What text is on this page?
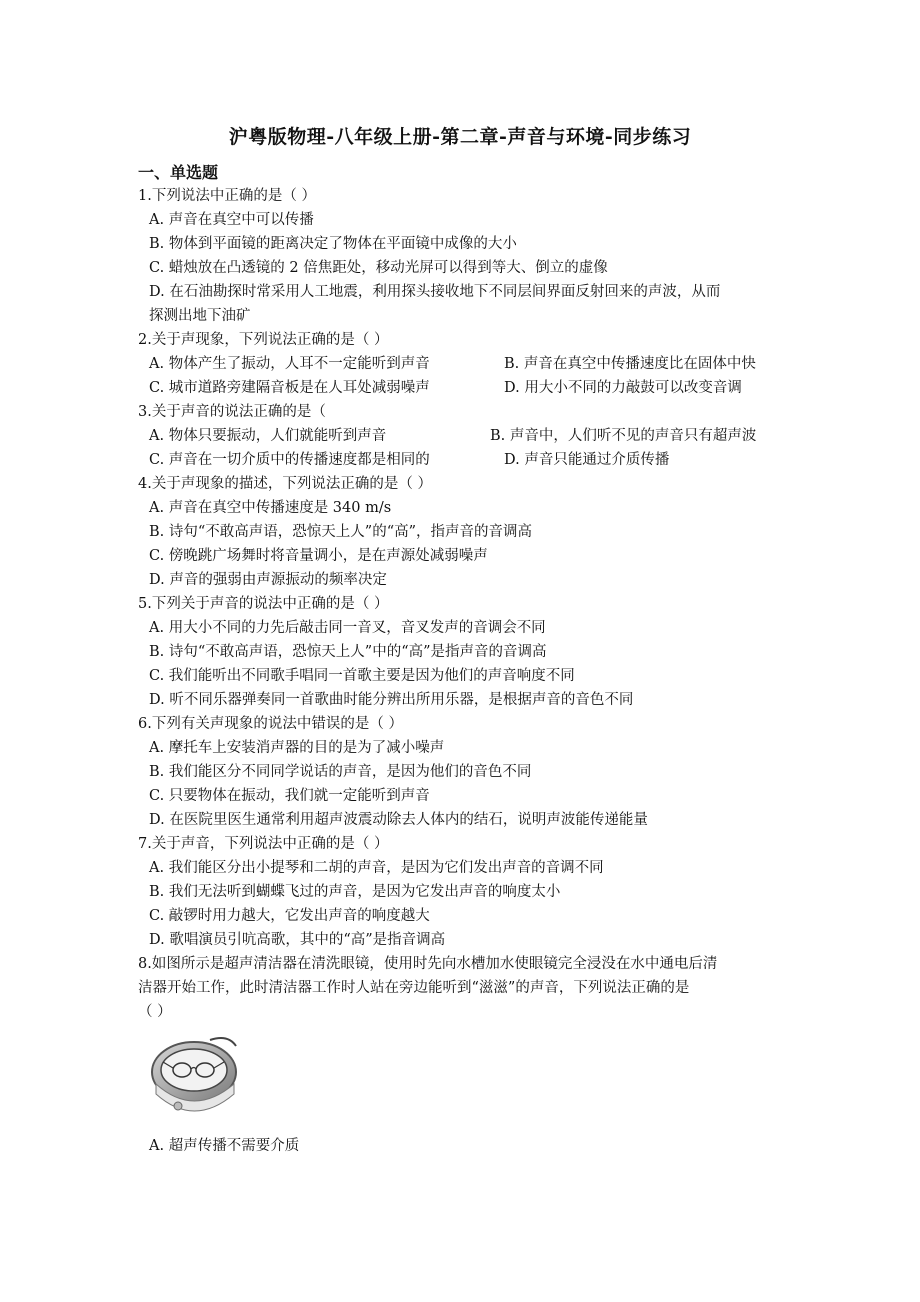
沪粤版物理-八年级上册-第二章-声音与环境-同步练习
一、单选题
1.下列说法中正确的是（ ）
A. 声音在真空中可以传播
B. 物体到平面镜的距离决定了物体在平面镜中成像的大小
C. 蜡烛放在凸透镜的 2 倍焦距处，移动光屏可以得到等大、倒立的虚像
D. 在石油勘探时常采用人工地震，利用探头接收地下不同层间界面反射回来的声波，从而
探测出地下油矿
2.关于声现象，下列说法正确的是（ ）
A. 物体产生了振动，人耳不一定能听到声音	B. 声音在真空中传播速度比在固体中快
C. 城市道路旁建隔音板是在人耳处减弱噪声	D. 用大小不同的力敲鼓可以改变音调
3.关于声音的说法正确的是（
A. 物体只要振动，人们就能听到声音	B. 声音中，人们听不见的声音只有超声波
C. 声音在一切介质中的传播速度都是相同的	D. 声音只能通过介质传播
4.关于声现象的描述，下列说法正确的是（ ）
A. 声音在真空中传播速度是 340 m/s
B. 诗句“不敢高声语，恐惊天上人”的“高”，指声音的音调高
C. 傍晚跳广场舞时将音量调小，是在声源处减弱噪声
D. 声音的强弱由声源振动的频率决定
5.下列关于声音的说法中正确的是（ ）
A. 用大小不同的力先后敲击同一音叉，音叉发声的音调会不同
B. 诗句“不敢高声语，恐惊天上人”中的“高”是指声音的音调高
C. 我们能听出不同歌手唱同一首歌主要是因为他们的声音响度不同
D. 听不同乐器弹奏同一首歌曲时能分辨出所用乐器，是根据声音的音色不同
6.下列有关声现象的说法中错误的是（ ）
A. 摩托车上安装消声器的目的是为了减小噪声
B. 我们能区分不同同学说话的声音，是因为他们的音色不同
C. 只要物体在振动，我们就一定能听到声音
D. 在医院里医生通常利用超声波震动除去人体内的结石，说明声波能传递能量
7.关于声音，下列说法中正确的是（ ）
A. 我们能区分出小提琴和二胡的声音，是因为它们发出声音的音调不同
B. 我们无法听到蝴蝶飞过的声音，是因为它发出声音的响度太小
C. 敲锣时用力越大，它发出声音的响度越大
D. 歌唱演员引吭高歌，其中的“高”是指音调高
8.如图所示是超声清洁器在清洗眼镜，使用时先向水槽加水使眼镜完全浸没在水中通电后清
洁器开始工作，此时清洁器工作时人站在旁边能听到“滋滋”的声音，下列说法正确的是
（ ）
A. 超声传播不需要介质
